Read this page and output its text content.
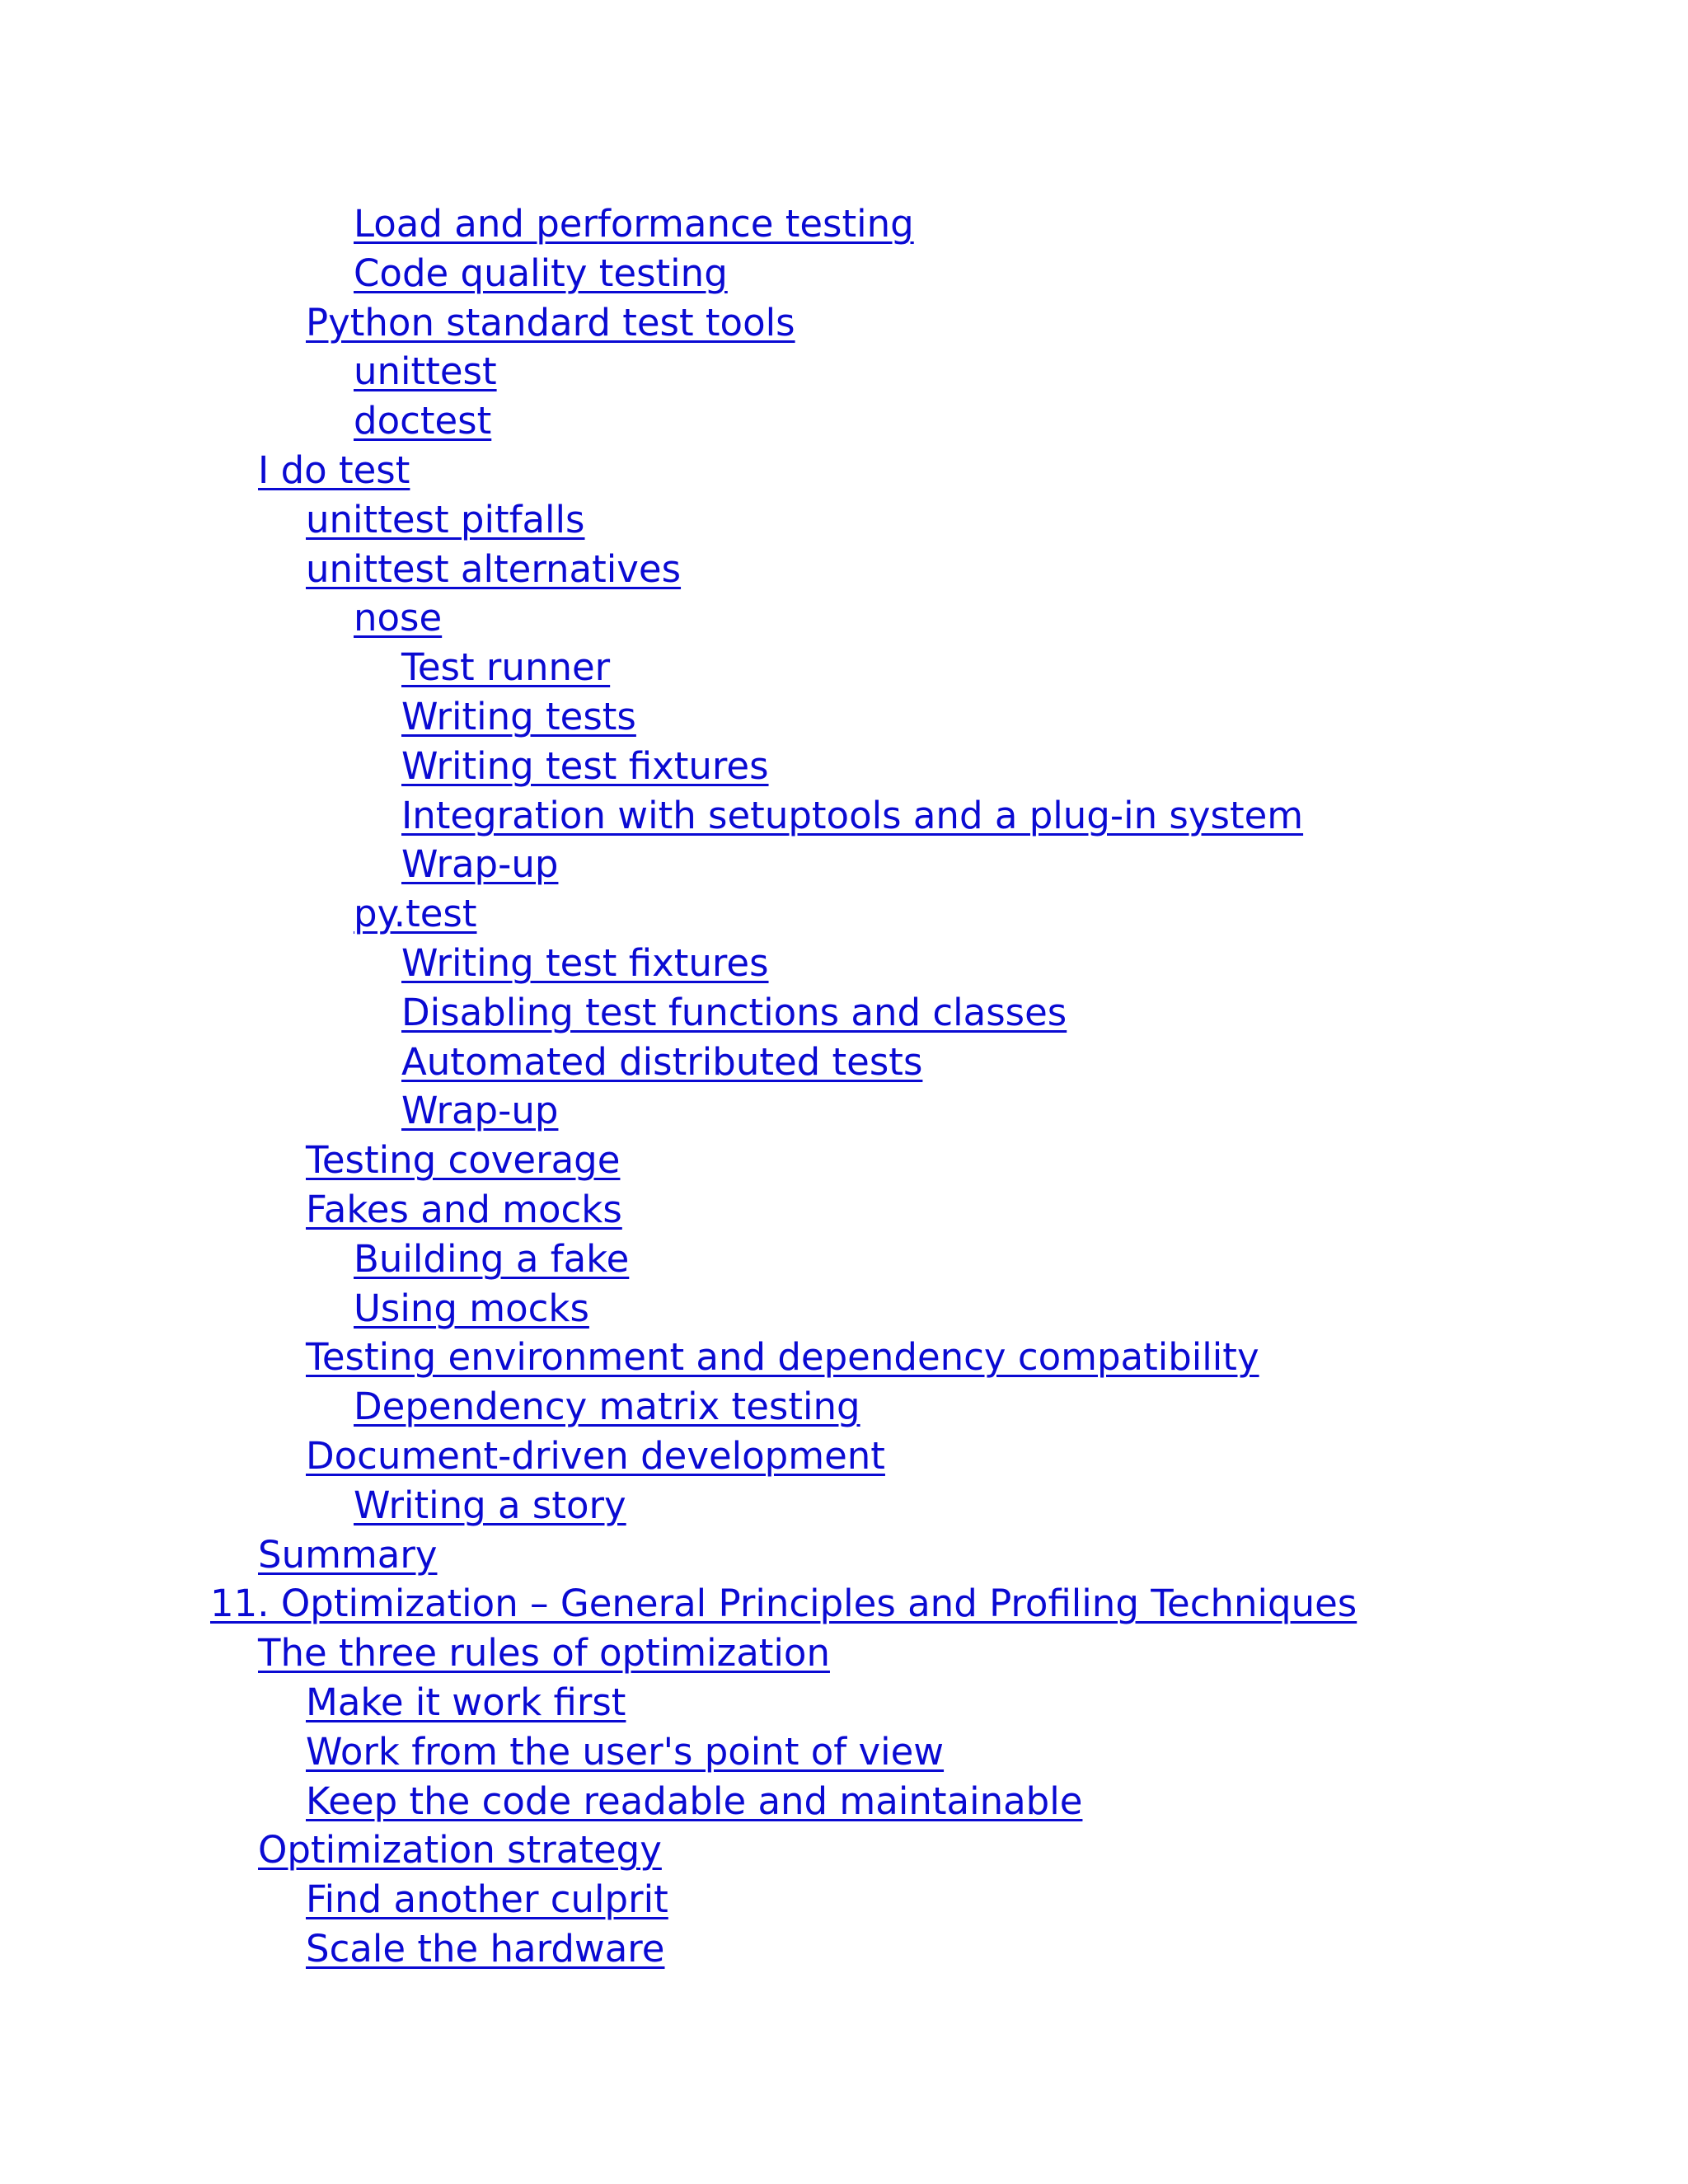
Load and performance testing
Code quality testing
Python standard test tools
unittest
doctest
I do test
unittest pitfalls
unittest alternatives
nose
Test runner
Writing tests
Writing test fixtures
Integration with setuptools and a plug-in system
Wrap-up
py.test
Writing test fixtures
Disabling test functions and classes
Automated distributed tests
Wrap-up
Testing coverage
Fakes and mocks
Building a fake
Using mocks
Testing environment and dependency compatibility
Dependency matrix testing
Document-driven development
Writing a story
Summary
11. Optimization – General Principles and Profiling Techniques
The three rules of optimization
Make it work first
Work from the user's point of view
Keep the code readable and maintainable
Optimization strategy
Find another culprit
Scale the hardware
